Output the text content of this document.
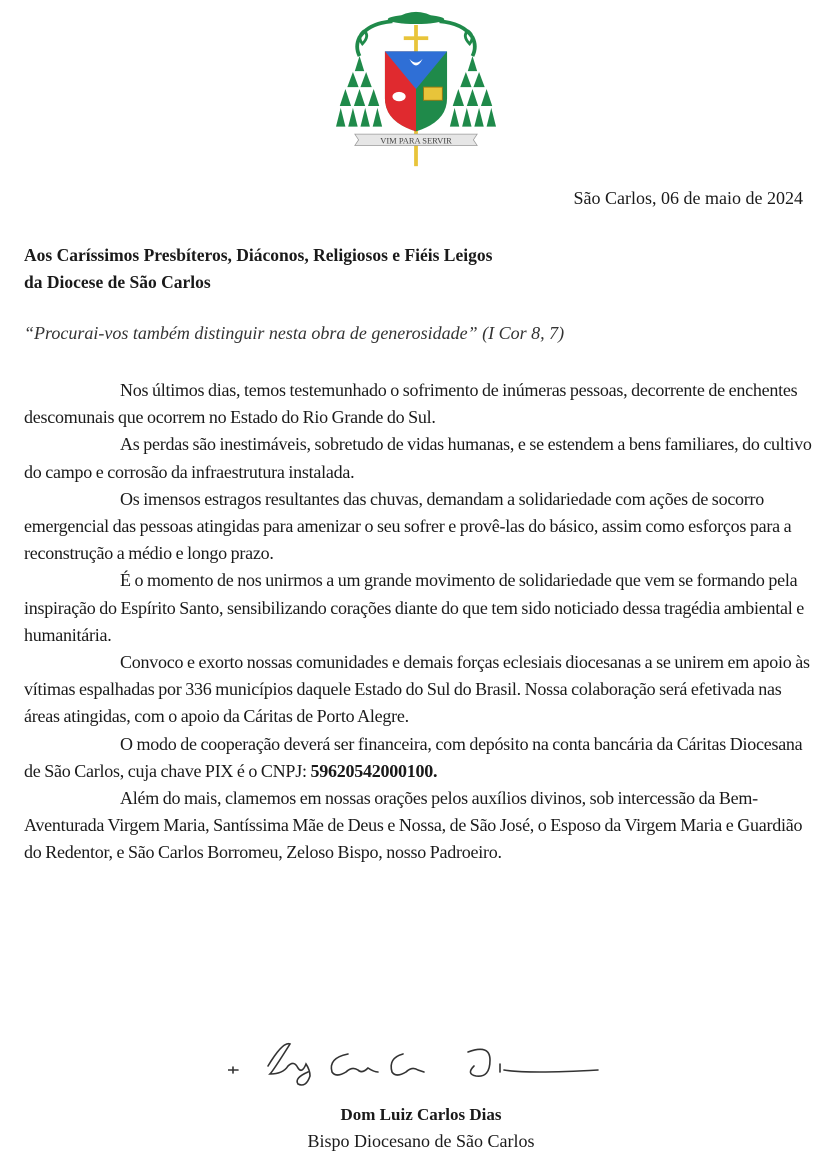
VIM PARA SERVIR
São Carlos, 06 de maio de 2024
Aos Caríssimos Presbíteros, Diáconos, Religiosos e Fiéis Leigos
da Diocese de São Carlos
“Procurai-vos também distinguir nesta obra de generosidade” (I Cor 8, 7)

Nos últimos dias, temos testemunhado o sofrimento de inúmeras pessoas, decorrente de enchentes descomunais que ocorrem no Estado do Rio Grande do Sul.

As perdas são inestimáveis, sobretudo de vidas humanas, e se estendem a bens familiares, do cultivo do campo e corrosão da infraestrutura instalada.

Os imensos estragos resultantes das chuvas, demandam a solidariedade com ações de socorro emergencial das pessoas atingidas para amenizar o seu sofrer e provê-las do básico, assim como esforços para a reconstrução a médio e longo prazo.

É o momento de nos unirmos a um grande movimento de solidariedade que vem se formando pela inspiração do Espírito Santo, sensibilizando corações diante do que tem sido noticiado dessa tragédia ambiental e humanitária.

Convoco e exorto nossas comunidades e demais forças eclesiais diocesanas a se unirem em apoio às vítimas espalhadas por 336 municípios daquele Estado do Sul do Brasil. Nossa colaboração será efetivada nas áreas atingidas, com o apoio da Cáritas de Porto Alegre.

O modo de cooperação deverá ser financeira, com depósito na conta bancária da Cáritas Diocesana de São Carlos, cuja chave PIX é o CNPJ: 59620542000100.

Além do mais, clamemos em nossas orações pelos auxílios divinos, sob intercessão da Bem-Aventurada Virgem Maria, Santíssima Mãe de Deus e Nossa, de São José, o Esposo da Virgem Maria e Guardião do Redentor, e São Carlos Borromeu, Zeloso Bispo, nosso Padroeiro.

Dom Luiz Carlos Dias
Bispo Diocesano de São Carlos
